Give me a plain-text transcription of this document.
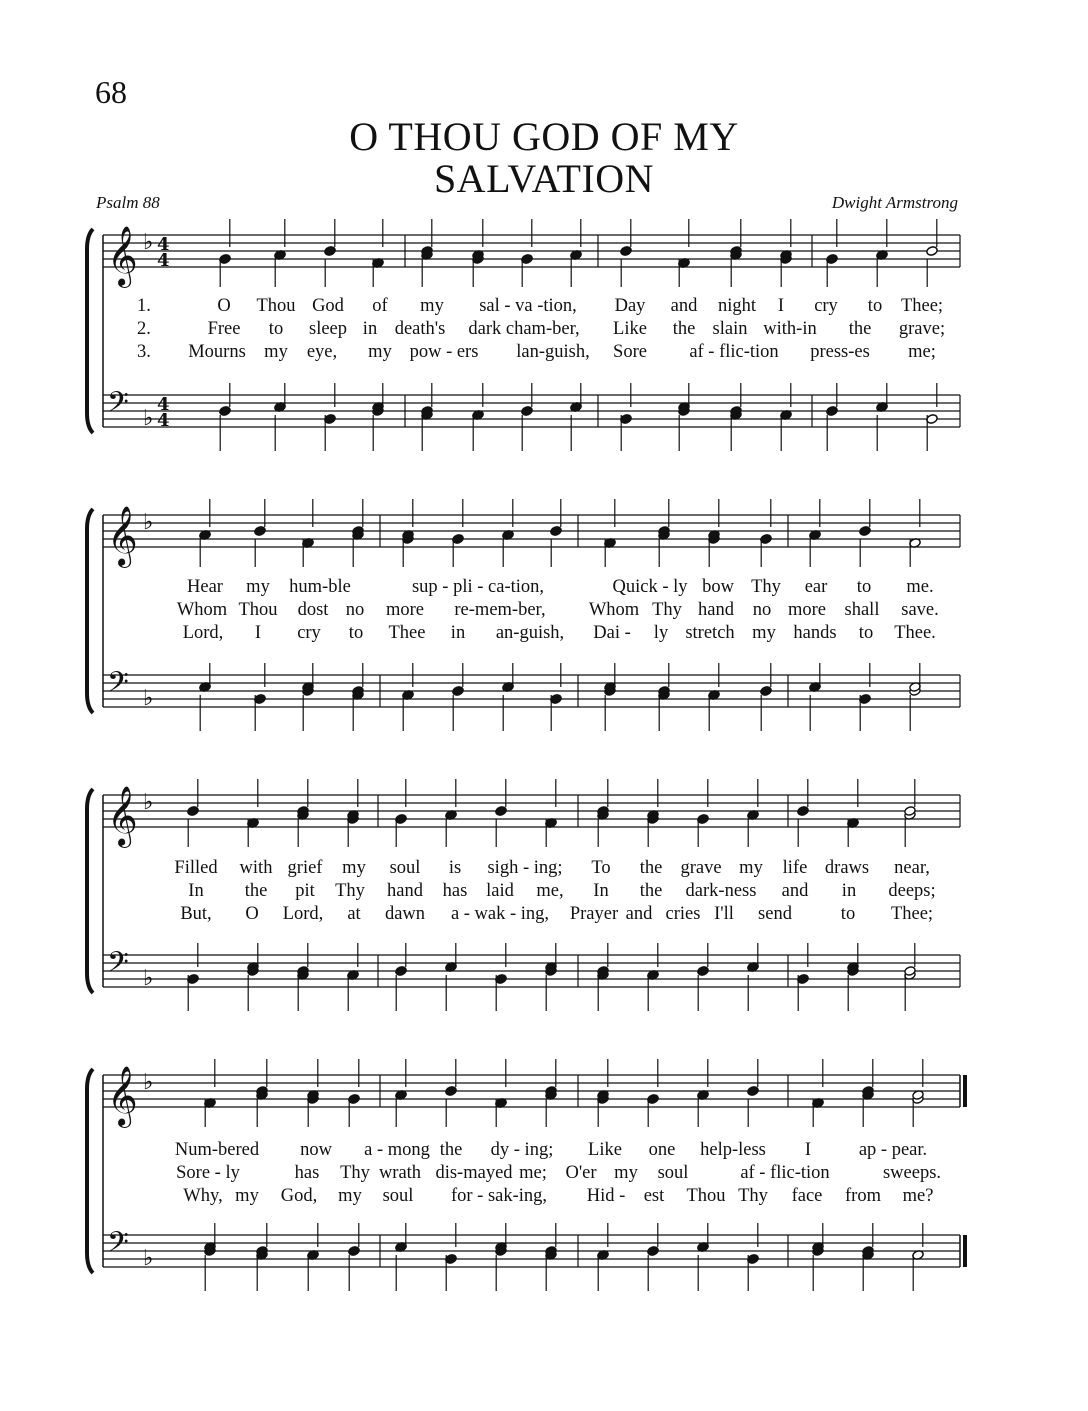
68
O THOU GOD OF MY
SALVATION
Psalm 88	Dwight Armstrong
𝄞 ♭ 4
4
𝄢 ♭
4
4
𝄞 ♭
𝄢 ♭
𝄞 ♭
𝄢 ♭
𝄞 ♭
𝄢 ♭
1.	O Thou God of my sal - va -tion, Day and night I cry to Thee;
2.	Free to sleep in death's dark cham-ber, Like the slain with-in the grave;
3. Mourns my eye, my pow - ers lan-guish, Sore af - flic-tion press-es me;
Hear my hum-ble	sup - pli - ca-tion,	Quick - ly bow Thy ear to me.
Whom Thou dost no more re-mem-ber, Whom Thy hand no more shall save.
Lord, I cry to Thee in an-guish, Dai - ly stretch my hands to Thee.
Filled with grief my soul is sigh - ing; To the grave my life draws near,
In the pit Thy hand has laid me, In the dark-ness and in deeps;
But, O Lord, at dawn a - wak - ing, Prayer and cries I'll send	to Thee;
Num-bered now a - mong the dy - ing; Like one help-less I	ap - pear.
Sore - ly	has Thy wrath dis-mayed me; O'er my soul	af - flic-tion	sweeps.
Why, my God, my soul for - sak-ing, Hid - est Thou Thy face from me?
